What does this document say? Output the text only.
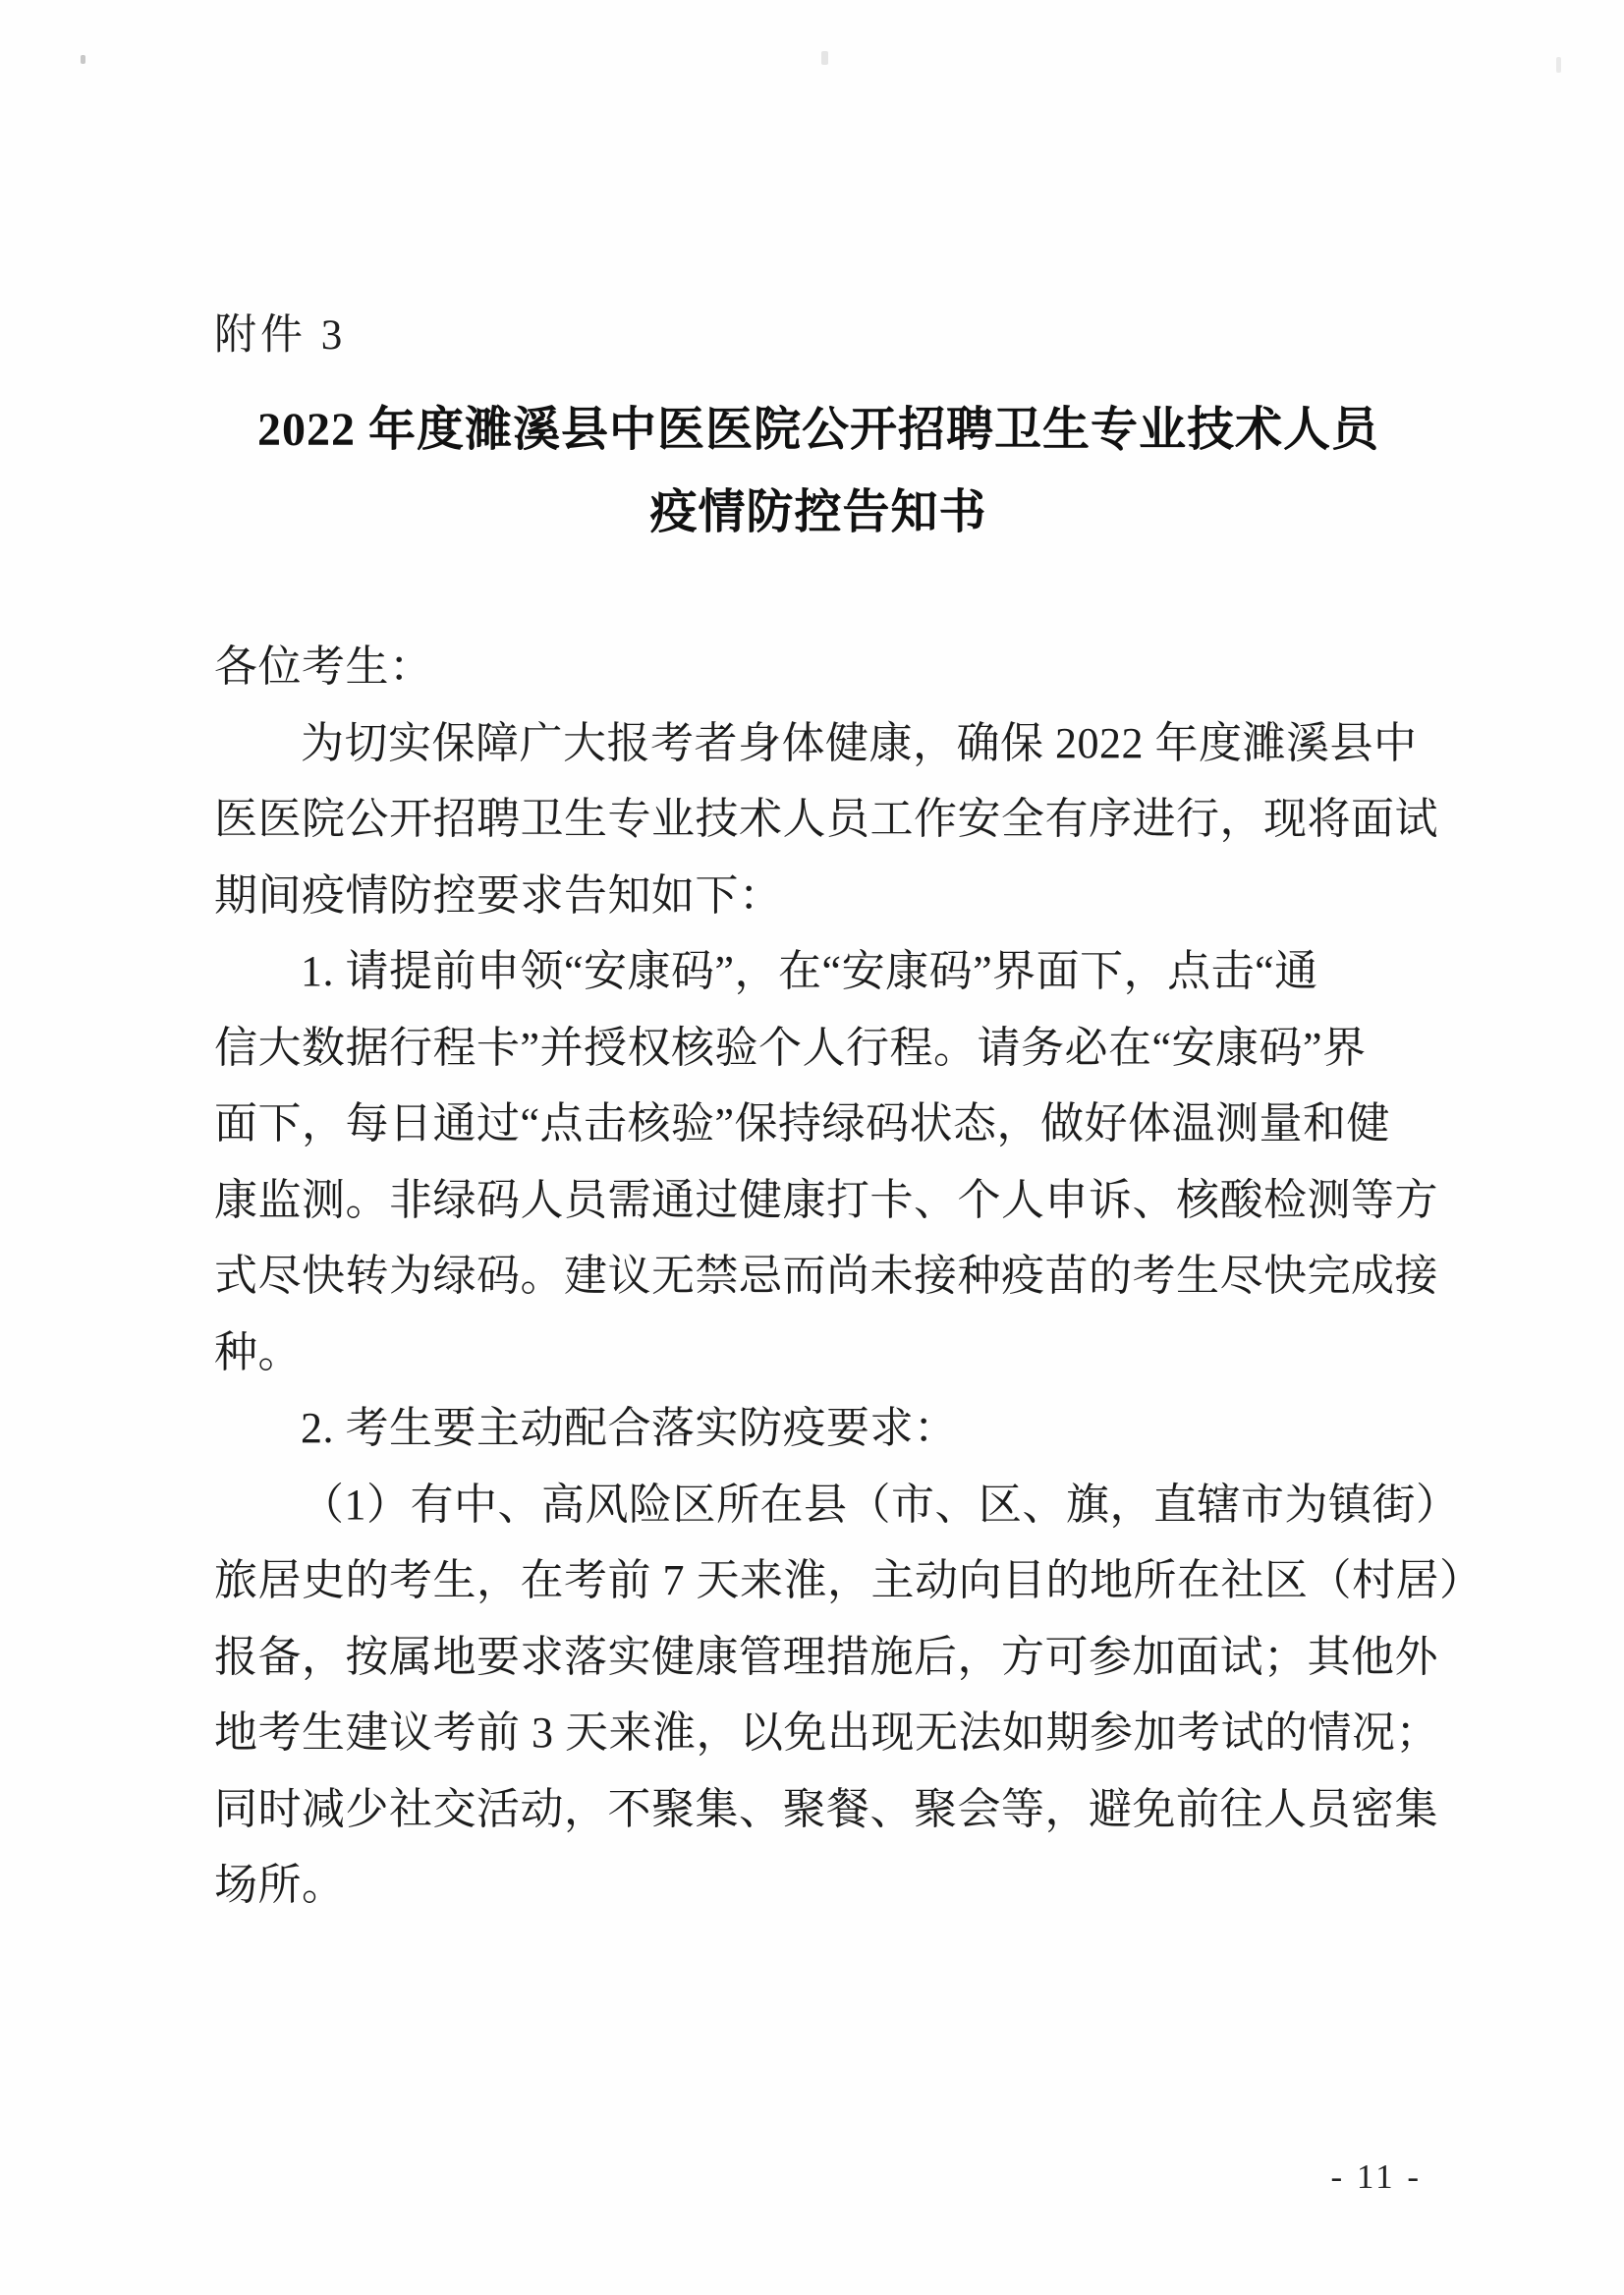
附件 3
2022 年度濉溪县中医医院公开招聘卫生专业技术人员
疫情防控告知书
各位考生：
为切实保障广大报考者身体健康，确保 2022 年度濉溪县中
医医院公开招聘卫生专业技术人员工作安全有序进行，现将面试
期间疫情防控要求告知如下：
1. 请提前申领“安康码”，在“安康码”界面下，点击“通
信大数据行程卡”并授权核验个人行程。请务必在“安康码”界
面下，每日通过“点击核验”保持绿码状态，做好体温测量和健
康监测。非绿码人员需通过健康打卡、个人申诉、核酸检测等方
式尽快转为绿码。建议无禁忌而尚未接种疫苗的考生尽快完成接
种。
2. 考生要主动配合落实防疫要求：
（1）有中、高风险区所在县（市、区、旗，直辖市为镇街）
旅居史的考生，在考前 7 天来淮，主动向目的地所在社区（村居）
报备，按属地要求落实健康管理措施后，方可参加面试；其他外
地考生建议考前 3 天来淮，以免出现无法如期参加考试的情况；
同时减少社交活动，不聚集、聚餐、聚会等，避免前往人员密集
场所。
- 11 -
